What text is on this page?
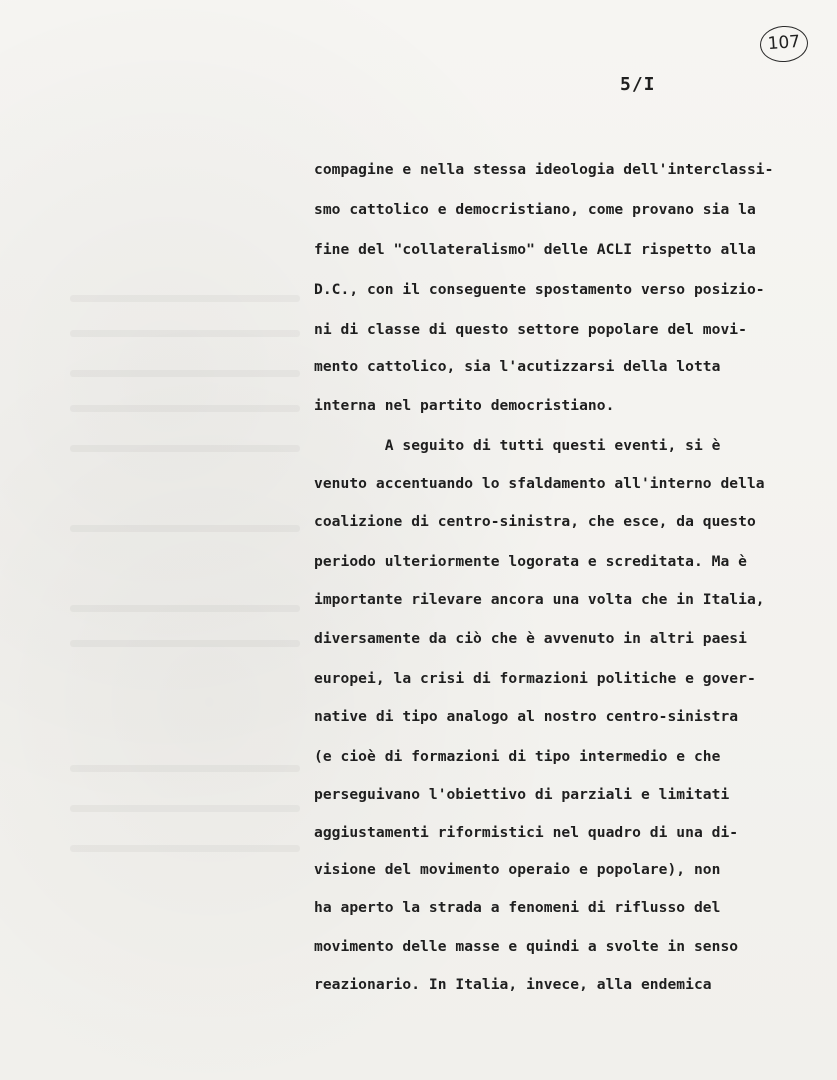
107
5/I
compagine e nella stessa ideologia dell'interclassi-
smo cattolico e democristiano, come provano sia la
fine del "collateralismo" delle ACLI rispetto alla
D.C., con il conseguente spostamento verso posizio-
ni di classe di questo settore popolare del movi-
mento cattolico, sia l'acutizzarsi della lotta
interna nel partito democristiano.
A seguito di tutti questi eventi, si è
venuto accentuando lo sfaldamento all'interno della
coalizione di centro-sinistra, che esce, da questo
periodo ulteriormente logorata e screditata. Ma è
importante rilevare ancora una volta che in Italia,
diversamente da ciò che è avvenuto in altri paesi
europei, la crisi di formazioni politiche e gover-
native di tipo analogo al nostro centro-sinistra
(e cioè di formazioni di tipo intermedio e che
perseguivano l'obiettivo di parziali e limitati
aggiustamenti riformistici nel quadro di una di-
visione del movimento operaio e popolare), non
ha aperto la strada a fenomeni di riflusso del
movimento delle masse e quindi a svolte in senso
reazionario. In Italia, invece, alla endemica
